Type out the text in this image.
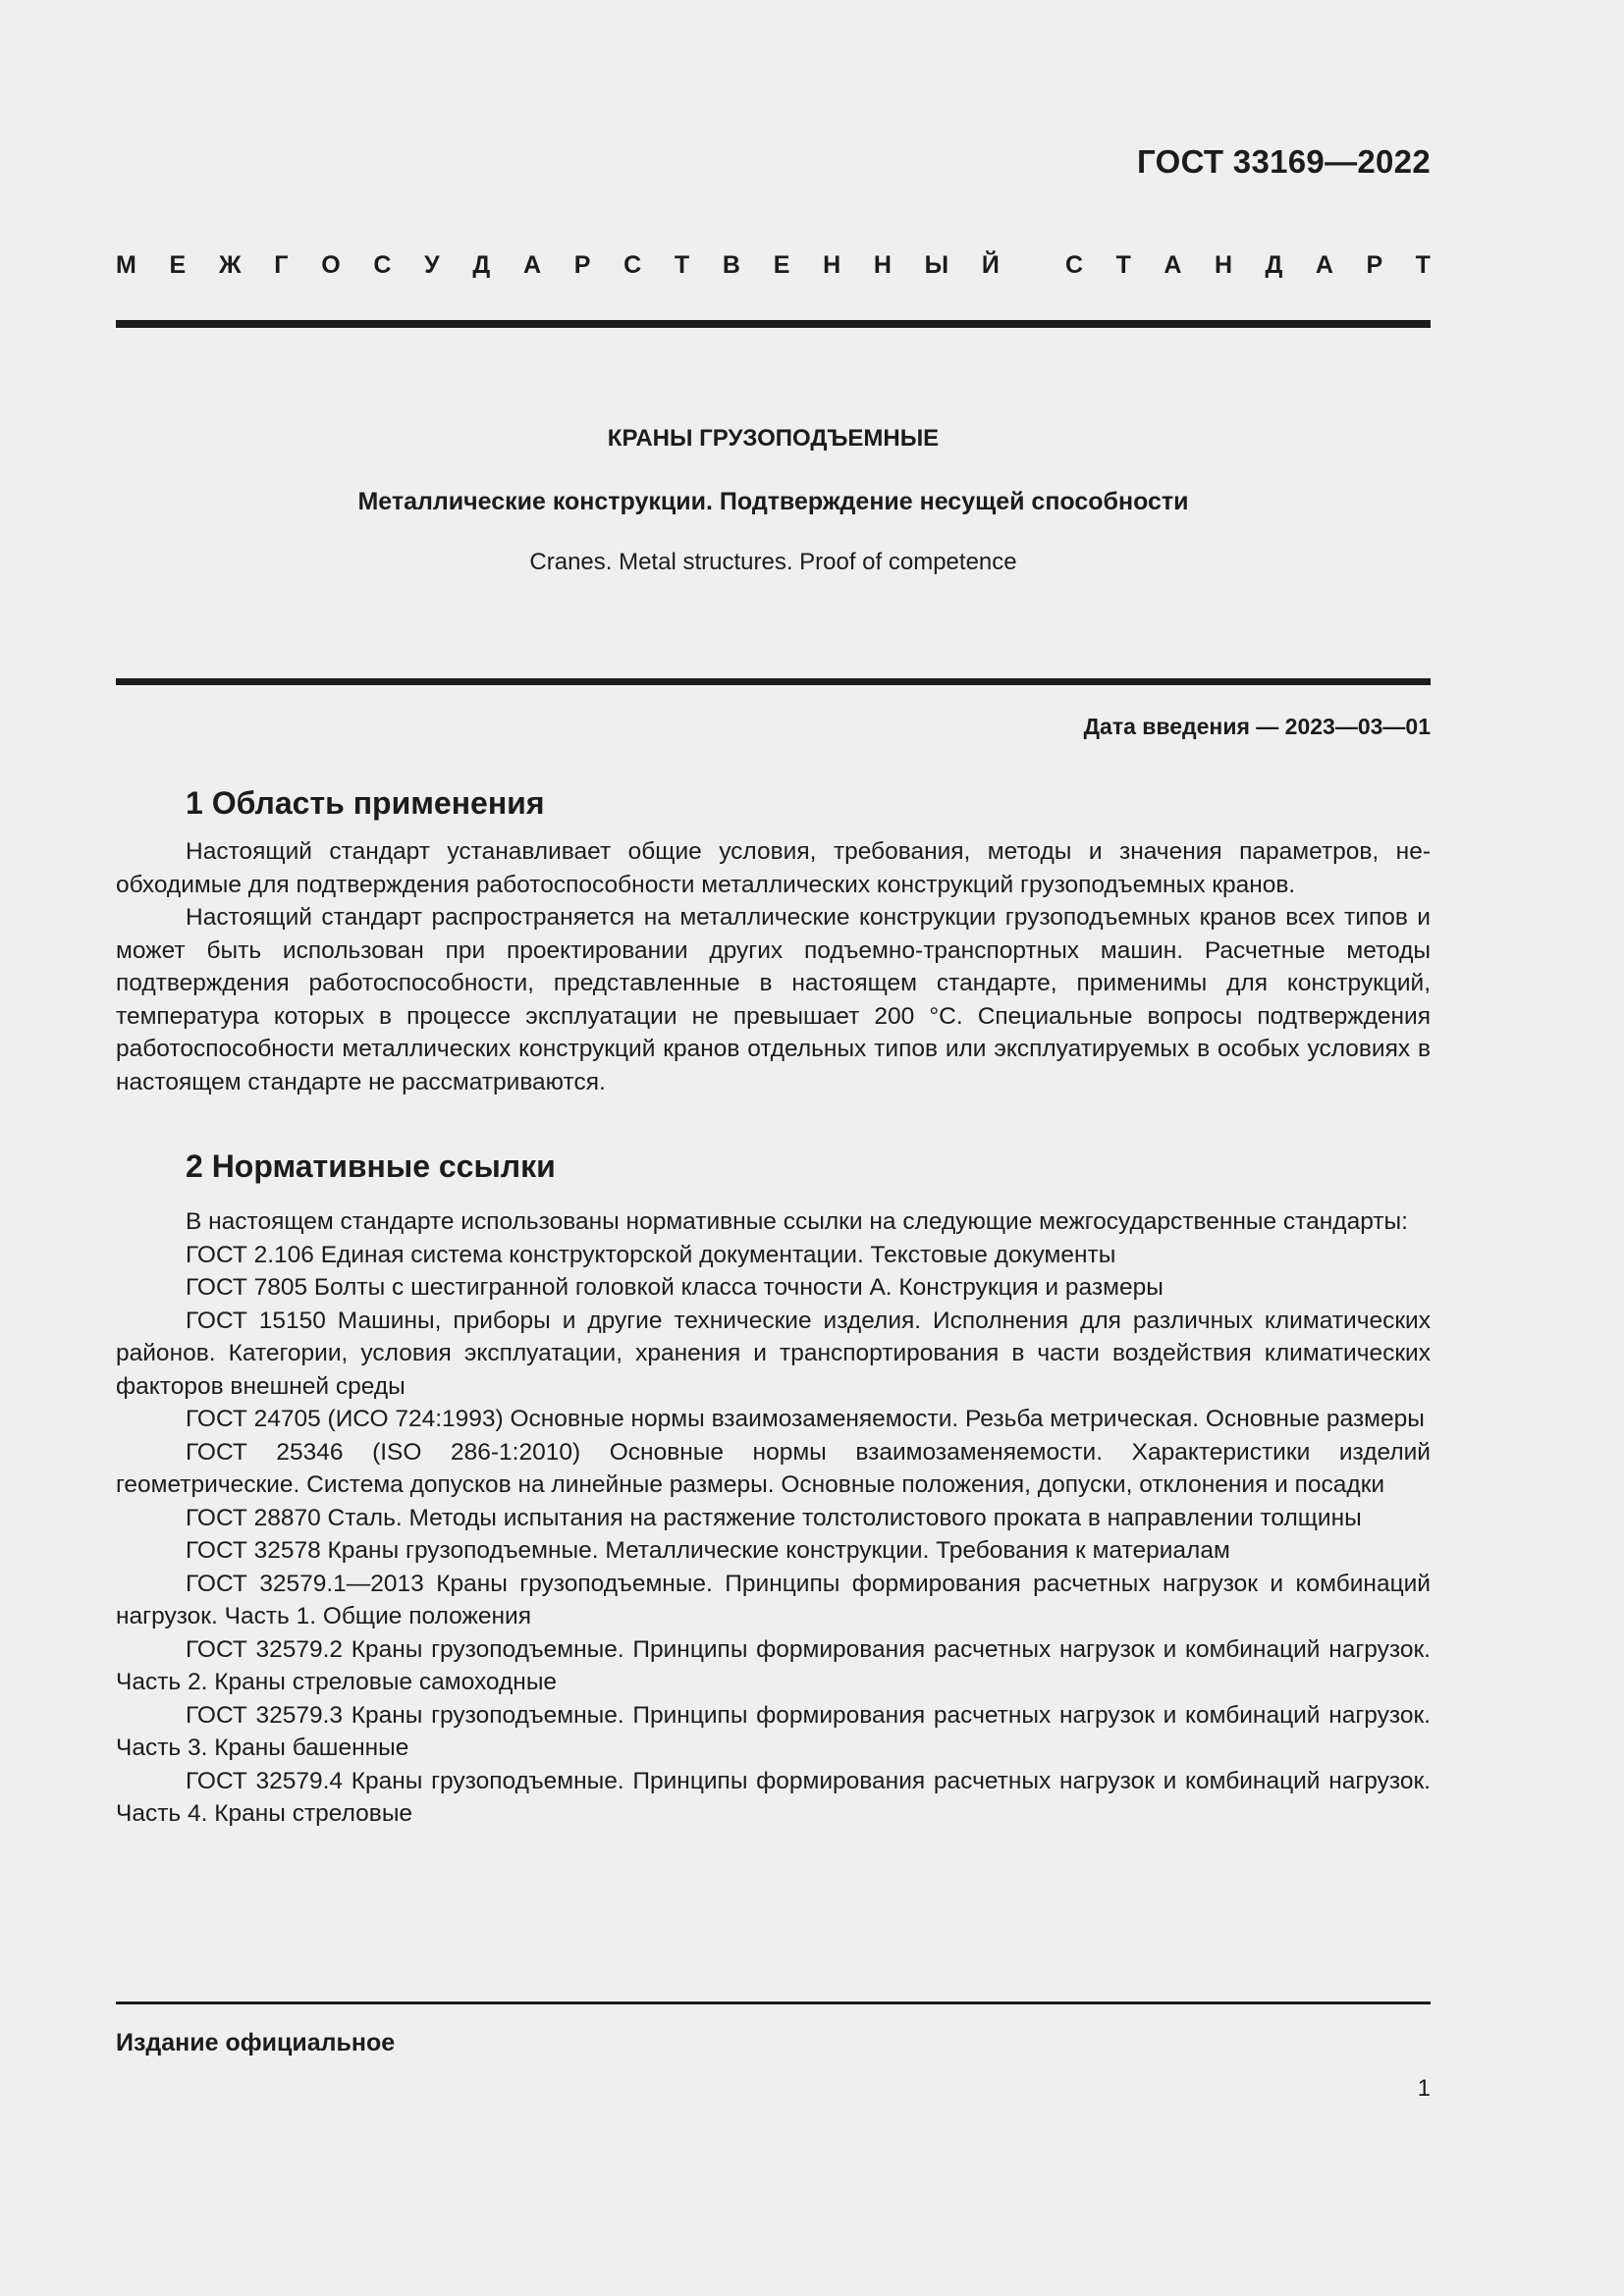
ГОСТ 33169—2022
М Е Ж Г О С У Д А Р С Т В Е Н Н Ы Й	С Т А Н Д А Р Т
КРАНЫ ГРУЗОПОДЪЕМНЫЕ
Металлические конструкции. Подтверждение несущей способности
Cranes. Metal structures. Proof of competence
Дата введения — 2023—03—01
1 Область применения

Настоящий стандарт устанавливает общие условия, требования, методы и значения параметров, необходимые для подтверждения работоспособности металлических конструкций грузоподъемных кранов.

Настоящий стандарт распространяется на металлические конструкции грузоподъемных кранов всех типов и может быть использован при проектировании других подъемно-транспортных машин. Расчетные методы подтверждения работоспособности, представленные в настоящем стандарте, применимы для конструкций, температура которых в процессе эксплуатации не превышает 200 °С. Специальные вопросы подтверждения работоспособности металлических конструкций кранов отдельных типов или эксплуатируемых в особых условиях в настоящем стандарте не рассматриваются.

2 Нормативные ссылки

В настоящем стандарте использованы нормативные ссылки на следующие межгосударственные стандарты:

ГОСТ 2.106 Единая система конструкторской документации. Текстовые документы

ГОСТ 7805 Болты с шестигранной головкой класса точности А. Конструкция и размеры

ГОСТ 15150 Машины, приборы и другие технические изделия. Исполнения для различных климатических районов. Категории, условия эксплуатации, хранения и транспортирования в части воздействия климатических факторов внешней среды

ГОСТ 24705 (ИСО 724:1993) Основные нормы взаимозаменяемости. Резьба метрическая. Основные размеры

ГОСТ 25346 (ISO 286-1:2010) Основные нормы взаимозаменяемости. Характеристики изделий геометрические. Система допусков на линейные размеры. Основные положения, допуски, отклонения и посадки

ГОСТ 28870 Сталь. Методы испытания на растяжение толстолистового проката в направлении толщины

ГОСТ 32578 Краны грузоподъемные. Металлические конструкции. Требования к материалам

ГОСТ 32579.1—2013 Краны грузоподъемные. Принципы формирования расчетных нагрузок и комбинаций нагрузок. Часть 1. Общие положения

ГОСТ 32579.2 Краны грузоподъемные. Принципы формирования расчетных нагрузок и комбинаций нагрузок. Часть 2. Краны стреловые самоходные

ГОСТ 32579.3 Краны грузоподъемные. Принципы формирования расчетных нагрузок и комбинаций нагрузок. Часть 3. Краны башенные

ГОСТ 32579.4 Краны грузоподъемные. Принципы формирования расчетных нагрузок и комбинаций нагрузок. Часть 4. Краны стреловые

Издание официальное
1
